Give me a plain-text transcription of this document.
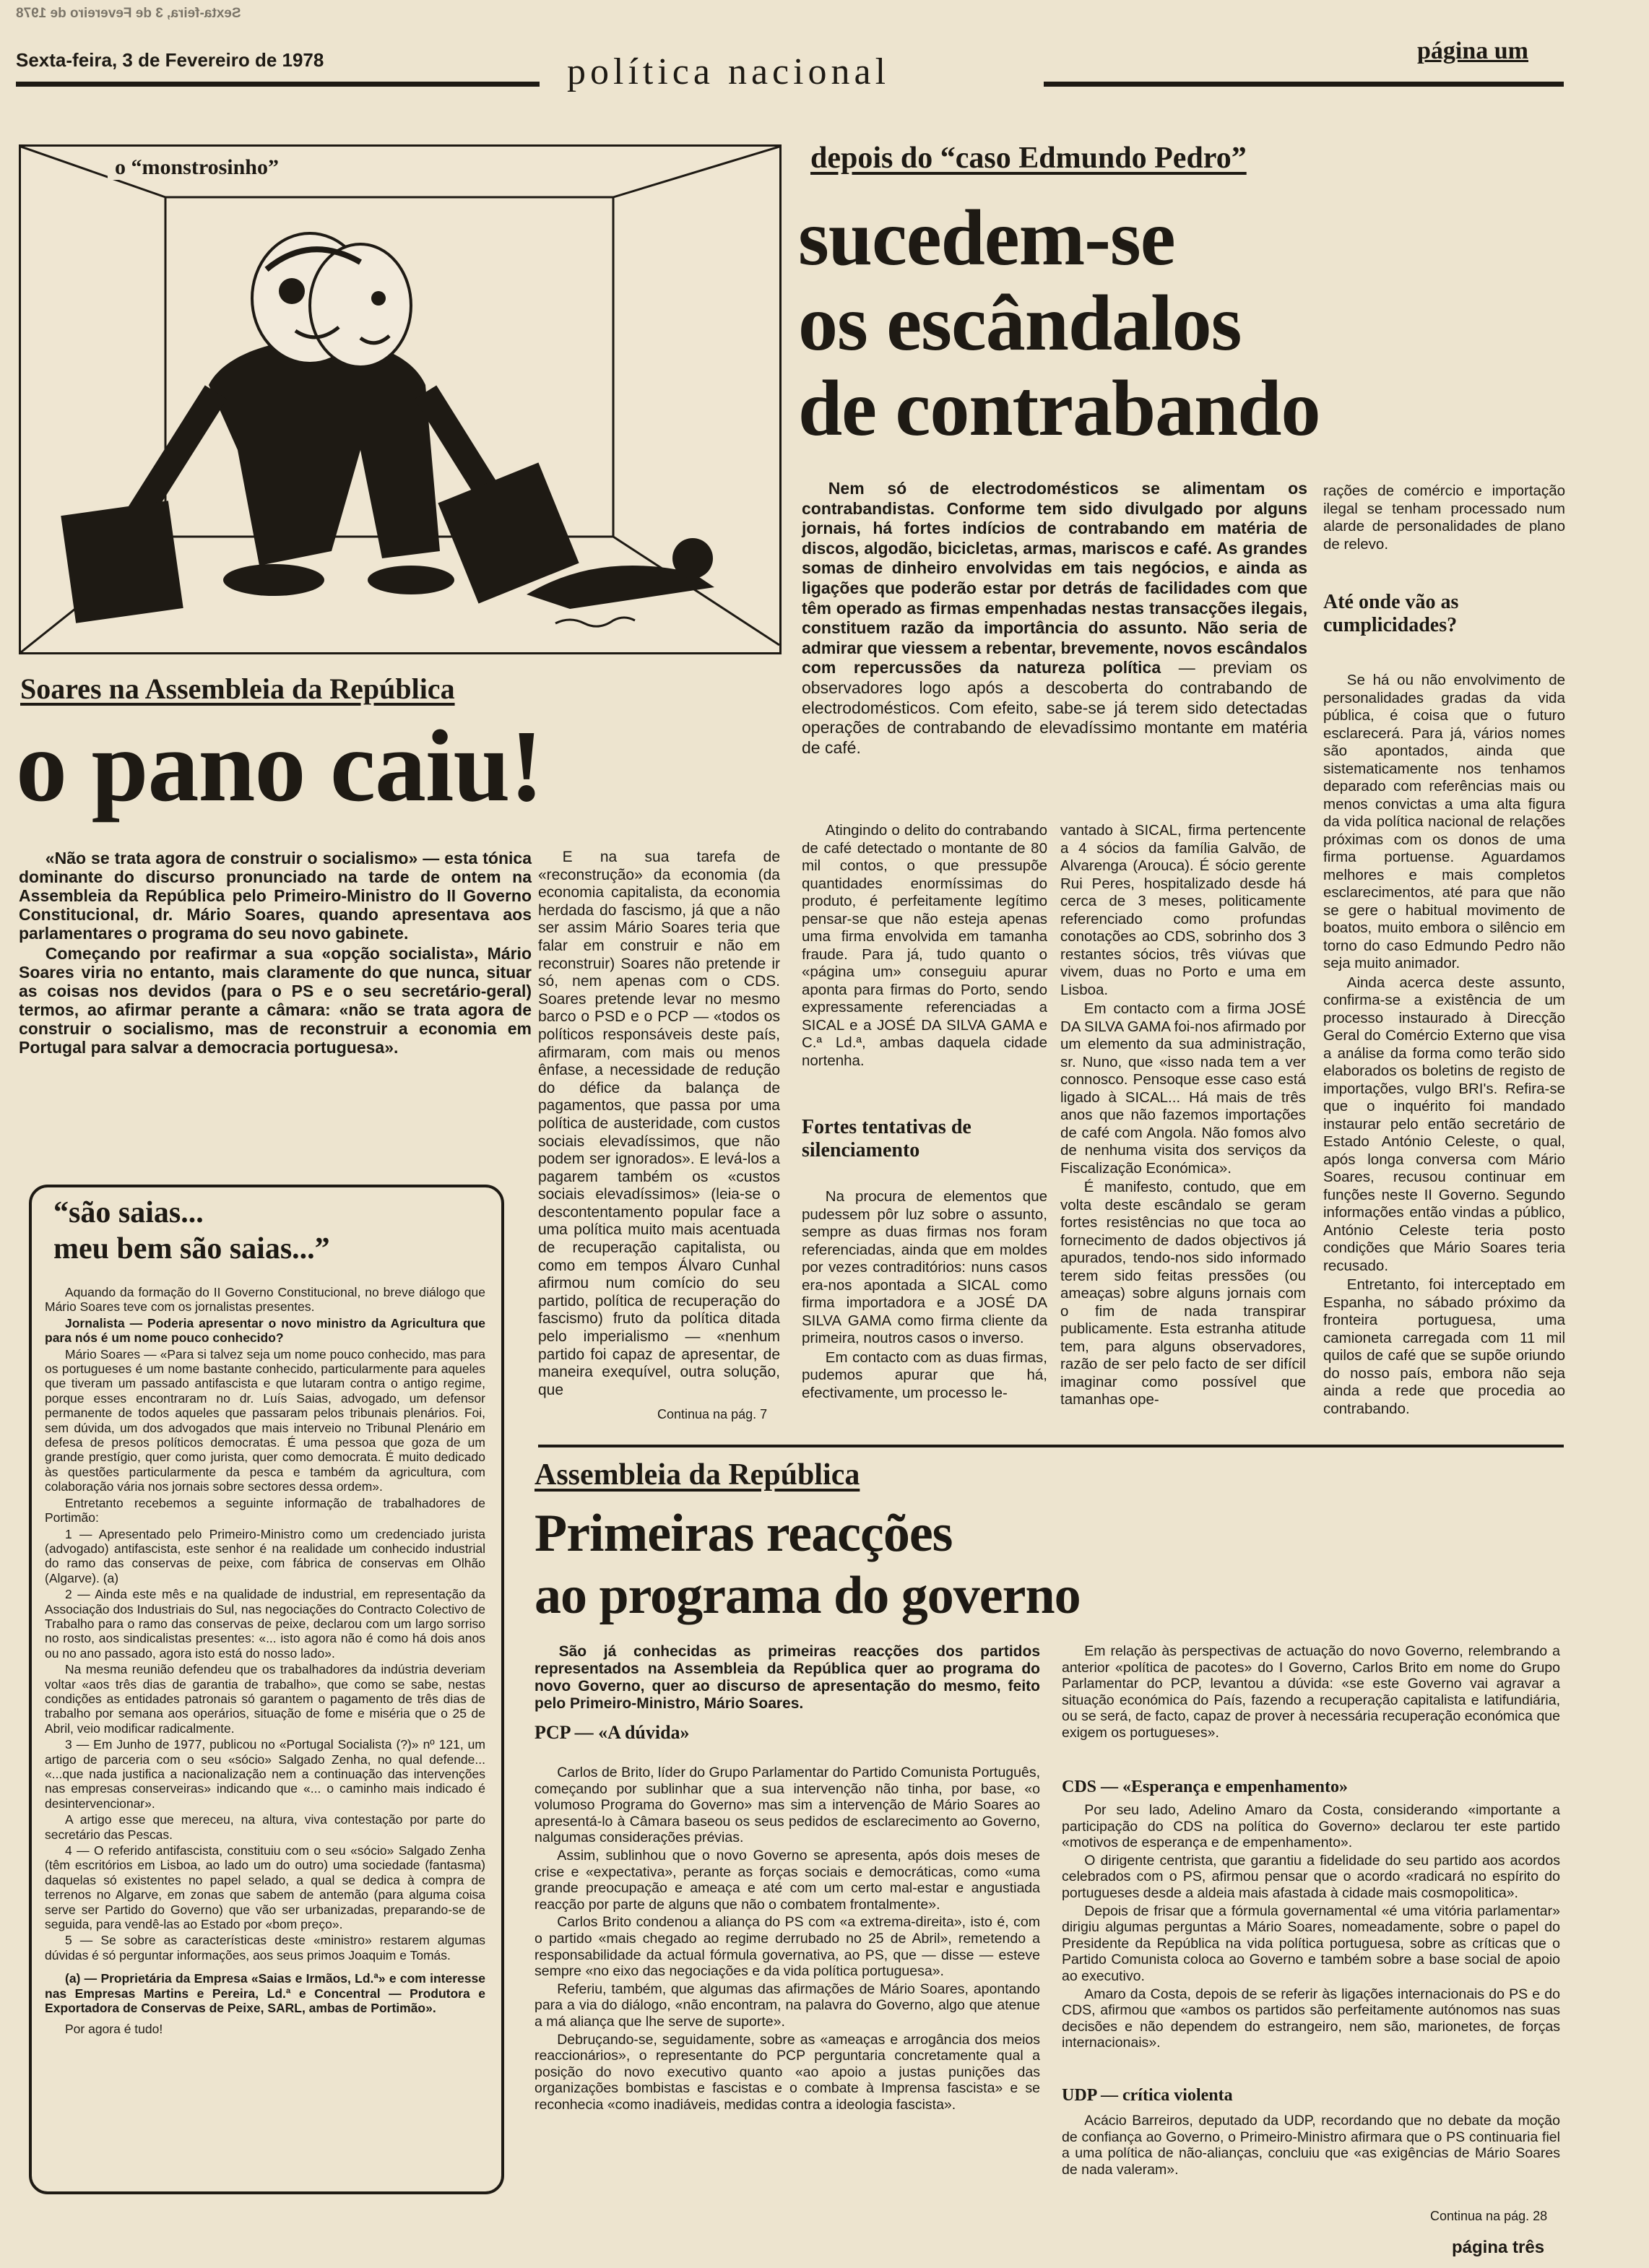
Sexta-feira, 3 de Fevereiro de 1978
Sexta-feira, 3 de Fevereiro de 1978	política nacional
página um
o “monstrosinho”
Soares na Assembleia da República
o pano caiu!

«Não se trata agora de construir o socialismo» — esta tónica dominante do discurso pronunciado na tarde de ontem na Assembleia da República pelo Primeiro-Ministro do II Governo Constitucional, dr. Mário Soares, quando apresentava aos parlamentares o programa do seu novo gabinete.

Começando por reafirmar a sua «opção socialista», Mário Soares viria no entanto, mais claramente do que nunca, situar as coisas nos devidos (para o PS e o seu secretário-geral) termos, ao afirmar perante a câmara: «não se trata agora de construir o socialismo, mas de reconstruir a economia em Portugal para salvar a democracia portuguesa».

E na sua tarefa de «reconstrução» da economia (da economia capitalista, da economia herdada do fascismo, já que a não ser assim Mário Soares teria que falar em construir e não em reconstruir) Soares não pretende ir só, nem apenas com o CDS. Soares pretende levar no mesmo barco o PSD e o PCP — «todos os políticos responsáveis deste país, afirmaram, com mais ou menos ênfase, a necessidade de redução do défice da balança de pagamentos, que passa por uma política de austeridade, com custos sociais elevadíssimos, que não podem ser ignorados». E levá-los a pagarem também os «custos sociais elevadíssimos» (leia-se o descontentamento popular face a uma política muito mais acentuada de recuperação capitalista, ou como em tempos Álvaro Cunhal afirmou num comício do seu partido, política de recuperação do fascismo) fruto da política ditada pelo imperialismo — «nenhum partido foi capaz de apresentar, de maneira exequível, outra solução, que

Continua na pág. 7
“são saias...
meu bem são saias...”

Aquando da formação do II Governo Constitucional, no breve diálogo que Mário Soares teve com os jornalistas presentes.

Jornalista — Poderia apresentar o novo ministro da Agricultura que para nós é um nome pouco conhecido?

Mário Soares — «Para si talvez seja um nome pouco conhecido, mas para os portugueses é um nome bastante conhecido, particularmente para aqueles que tiveram um passado antifascista e que lutaram contra o antigo regime, porque esses encontraram no dr. Luís Saias, advogado, um defensor permanente de todos aqueles que passaram pelos tribunais plenários. Foi, sem dúvida, um dos advogados que mais interveio no Tribunal Plenário em defesa de presos políticos democratas. É uma pessoa que goza de um grande prestígio, quer como jurista, quer como democrata. É muito dedicado às questões particularmente da pesca e também da agricultura, com colaboração vária nos jornais sobre sectores dessa ordem».

Entretanto recebemos a seguinte informação de trabalhadores de Portimão:

1 — Apresentado pelo Primeiro-Ministro como um credenciado jurista (advogado) antifascista, este senhor é na realidade um conhecido industrial do ramo das conservas de peixe, com fábrica de conservas em Olhão (Algarve). (a)

2 — Ainda este mês e na qualidade de industrial, em representação da Associação dos Industriais do Sul, nas negociações do Contracto Colectivo de Trabalho para o ramo das conservas de peixe, declarou com um largo sorriso no rosto, aos sindicalistas presentes: «... isto agora não é como há dois anos ou no ano passado, agora isto está do nosso lado».

Na mesma reunião defendeu que os trabalhadores da indústria deveriam voltar «aos três dias de garantia de trabalho», que como se sabe, nestas condições as entidades patronais só garantem o pagamento de três dias de trabalho por semana aos operários, situação de fome e miséria que o 25 de Abril, veio modificar radicalmente.

3 — Em Junho de 1977, publicou no «Portugal Socialista (?)» nº 121, um artigo de parceria com o seu «sócio» Salgado Zenha, no qual defende... «...que nada justifica a nacionalização nem a continuação das intervenções nas empresas conserveiras» indicando que «... o caminho mais indicado é desintervencionar».

A artigo esse que mereceu, na altura, viva contestação por parte do secretário das Pescas.

4 — O referido antifascista, constituiu com o seu «sócio» Salgado Zenha (têm escritórios em Lisboa, ao lado um do outro) uma sociedade (fantasma) daquelas só existentes no papel selado, a qual se dedica à compra de terrenos no Algarve, em zonas que sabem de antemão (para alguma coisa serve ser Partido do Governo) que vão ser urbanizadas, preparando-se de seguida, para vendê-las ao Estado por «bom preço».

5 — Se sobre as características deste «ministro» restarem algumas dúvidas é só perguntar informações, aos seus primos Joaquim e Tomás.

(a) — Proprietária da Empresa «Saias e Irmãos, Ld.ª» e com interesse nas Empresas Martins e Pereira, Ld.ª e Concentral — Produtora e Exportadora de Conservas de Peixe, SARL, ambas de Portimão».

Por agora é tudo!

depois do “caso Edmundo Pedro”
sucedem-se
os escândalos
de contrabando

Nem só de electrodomésticos se alimentam os contrabandistas. Conforme tem sido divulgado por alguns jornais, há fortes indícios de contrabando em matéria de discos, algodão, bicicletas, armas, mariscos e café. As grandes somas de dinheiro envolvidas em tais negócios, e ainda as ligações que poderão estar por detrás de facilidades com que têm operado as firmas empenhadas nestas transacções ilegais, constituem razão da importância do assunto. Não seria de admirar que viessem a rebentar, brevemente, novos escândalos com repercussões da natureza política — previam os observadores logo após a descoberta do contrabando de electrodomésticos. Com efeito, sabe-se já terem sido detectadas operações de contrabando de elevadíssimo montante em matéria de café.

rações de comércio e importação ilegal se tenham processado num alarde de personalidades de plano de relevo.

Até onde vão as cumplicidades?

Se há ou não envolvimento de personalidades gradas da vida pública, é coisa que o futuro esclarecerá. Para já, vários nomes são apontados, ainda que sistematicamente nos tenhamos deparado com referências mais ou menos convictas a uma alta figura da vida política nacional de relações próximas com os donos de uma firma portuense. Aguardamos melhores e mais completos esclarecimentos, até para que não se gere o habitual movimento de boatos, muito embora o silêncio em torno do caso Edmundo Pedro não seja muito animador.

Ainda acerca deste assunto, confirma-se a existência de um processo instaurado à Direcção Geral do Comércio Externo que visa a análise da forma como terão sido elaborados os boletins de registo de importações, vulgo BRI's. Refira-se que o inquérito foi mandado instaurar pelo então secretário de Estado António Celeste, o qual, após longa conversa com Mário Soares, recusou continuar em funções neste II Governo. Segundo informações então vindas a público, António Celeste teria posto condições que Mário Soares teria recusado.

Entretanto, foi interceptado em Espanha, no sábado próximo da fronteira portuguesa, uma camioneta carregada com 11 mil quilos de café que se supõe oriundo do nosso país, embora não seja ainda a rede que procedia ao contrabando.

Atingindo o delito do contrabando de café detectado o montante de 80 mil contos, o que pressupõe quantidades enormíssimas do produto, é perfeitamente legítimo pensar-se que não esteja apenas uma firma envolvida em tamanha fraude. Para já, tudo quanto o «página um» conseguiu apurar aponta para firmas do Porto, sendo expressamente referenciadas a SICAL e a JOSÉ DA SILVA GAMA e C.ª Ld.ª, ambas daquela cidade nortenha.

Fortes tentativas de silenciamento

Na procura de elementos que pudessem pôr luz sobre o assunto, sempre as duas firmas nos foram referenciadas, ainda que em moldes por vezes contraditórios: nuns casos era-nos apontada a SICAL como firma importadora e a JOSÉ DA SILVA GAMA como firma cliente da primeira, noutros casos o inverso.

Em contacto com as duas firmas, pudemos apurar que há, efectivamente, um processo le-

vantado à SICAL, firma pertencente a 4 sócios da família Galvão, de Alvarenga (Arouca). É sócio gerente Rui Peres, hospitalizado desde há cerca de 3 meses, politicamente referenciado como profundas conotações ao CDS, sobrinho dos 3 restantes sócios, três viúvas que vivem, duas no Porto e uma em Lisboa.

Em contacto com a firma JOSÉ DA SILVA GAMA foi-nos afirmado por um elemento da sua administração, sr. Nuno, que «isso nada tem a ver connosco. Pensoque esse caso está ligado à SICAL... Há mais de três anos que não fazemos importações de café com Angola. Não fomos alvo de nenhuma visita dos serviços da Fiscalização Económica».

É manifesto, contudo, que em volta deste escândalo se geram fortes resistências no que toca ao fornecimento de dados objectivos já apurados, tendo-nos sido informado terem sido feitas pressões (ou ameaças) sobre alguns jornais com o fim de nada transpirar publicamente. Esta estranha atitude tem, para alguns observadores, razão de ser pelo facto de ser difícil imaginar como possível que tamanhas ope-

Assembleia da República
Primeiras reacções
ao programa do governo

São já conhecidas as primeiras reacções dos partidos representados na Assembleia da República quer ao programa do novo Governo, quer ao discurso de apresentação do mesmo, feito pelo Primeiro-Ministro, Mário Soares.

PCP — «A dúvida»

Carlos de Brito, líder do Grupo Parlamentar do Partido Comunista Português, começando por sublinhar que a sua intervenção não tinha, por base, «o volumoso Programa do Governo» mas sim a intervenção de Mário Soares ao apresentá-lo à Câmara baseou os seus pedidos de esclarecimento ao Governo, nalgumas considerações prévias.

Assim, sublinhou que o novo Governo se apresenta, após dois meses de crise e «expectativa», perante as forças sociais e democráticas, como «uma grande preocupação e ameaça e até com um certo mal-estar e angustiada reacção por parte de alguns que não o combatem frontalmente».

Carlos Brito condenou a aliança do PS com «a extrema-direita», isto é, com o partido «mais chegado ao regime derrubado no 25 de Abril», remetendo a responsabilidade da actual fórmula governativa, ao PS, que — disse — esteve sempre «no eixo das negociações e da vida política portuguesa».

Referiu, também, que algumas das afirmações de Mário Soares, apontando para a via do diálogo, «não encontram, na palavra do Governo, algo que atenue a má aliança que lhe serve de suporte».

Debruçando-se, seguidamente, sobre as «ameaças e arrogância dos meios reaccionários», o representante do PCP perguntaria concretamente qual a posição do novo executivo quanto «ao apoio a justas punições das organizações bombistas e fascistas e o combate à Imprensa fascista» e se reconhecia «como inadiáveis, medidas contra a ideologia fascista».

Em relação às perspectivas de actuação do novo Governo, relembrando a anterior «política de pacotes» do I Governo, Carlos Brito em nome do Grupo Parlamentar do PCP, levantou a dúvida: «se este Governo vai agravar a situação económica do País, fazendo a recuperação capitalista e latifundiária, ou se será, de facto, capaz de prover à necessária recuperação económica que exigem os portugueses».

CDS — «Esperança e empenhamento»

Por seu lado, Adelino Amaro da Costa, considerando «importante a participação do CDS na política do Governo» declarou ter este partido «motivos de esperança e de empenhamento».

O dirigente centrista, que garantiu a fidelidade do seu partido aos acordos celebrados com o PS, afirmou pensar que o acordo «radicará no espírito do portugueses desde a aldeia mais afastada à cidade mais cosmopolitica».

Depois de frisar que a fórmula governamental «é uma vitória parlamentar» dirigiu algumas perguntas a Mário Soares, nomeadamente, sobre o papel do Presidente da República na vida política portuguesa, sobre as críticas que o Partido Comunista coloca ao Governo e também sobre a base social de apoio ao executivo.

Amaro da Costa, depois de se referir às ligações internacionais do PS e do CDS, afirmou que «ambos os partidos são perfeitamente autónomos nas suas decisões e não dependem do estrangeiro, nem são, marionetes, de forças internacionais».

UDP — crítica violenta

Acácio Barreiros, deputado da UDP, recordando que no debate da moção de confiança ao Governo, o Primeiro-Ministro afirmara que o PS continuaria fiel a uma política de não-alianças, concluiu que «as exigências de Mário Soares de nada valeram».

Continua na pág. 28
página três
